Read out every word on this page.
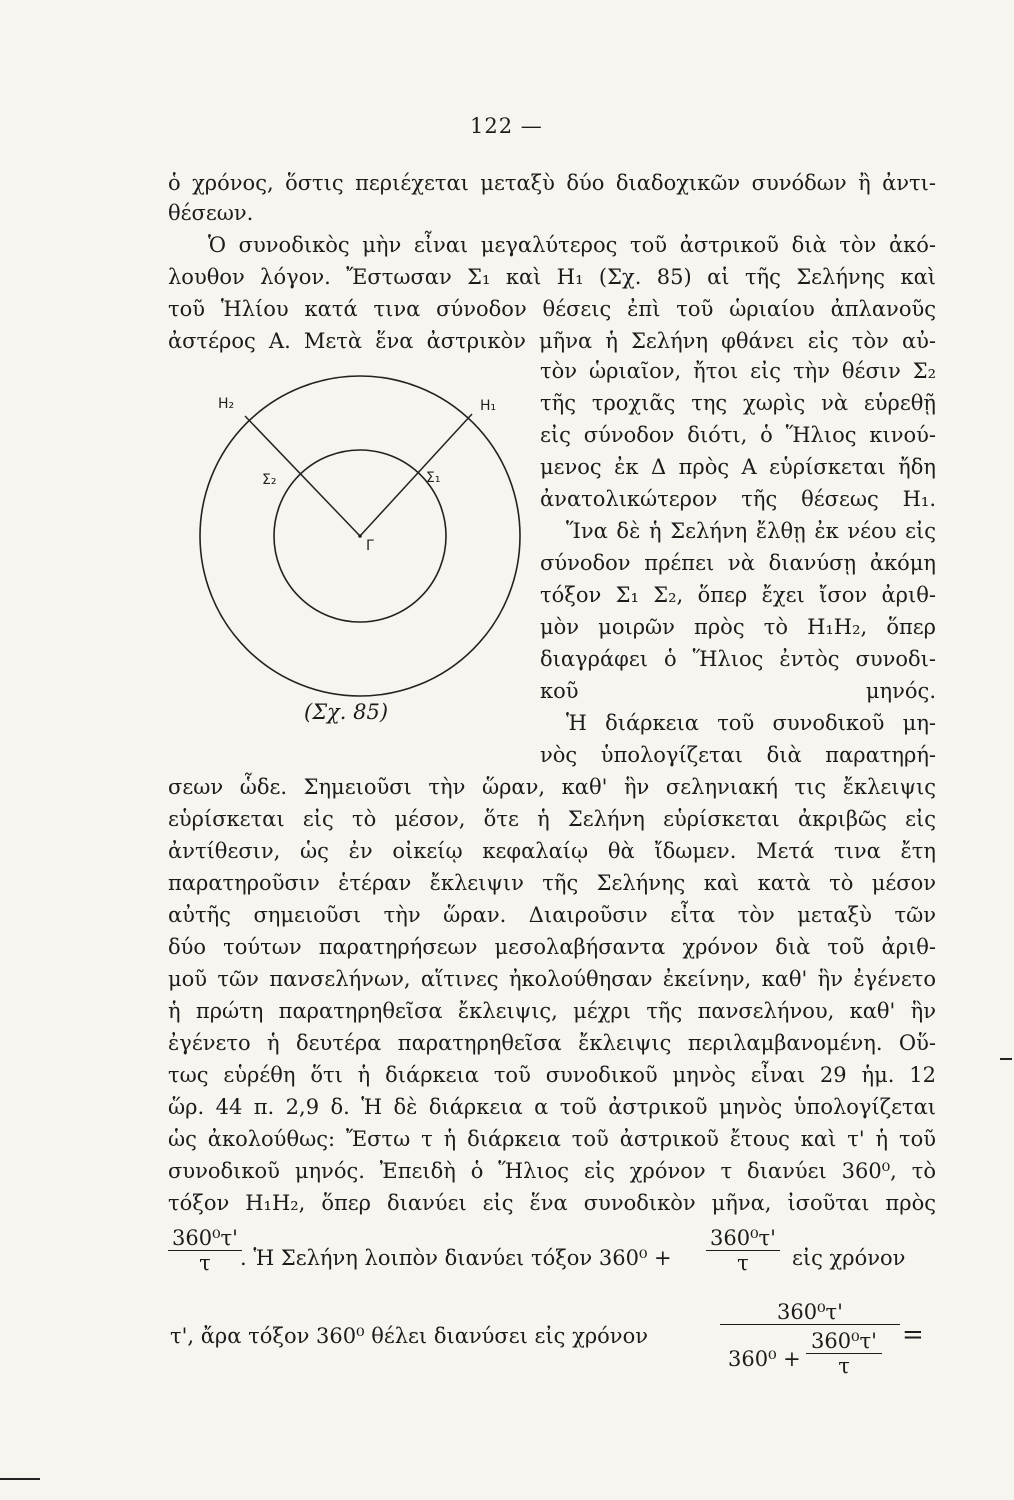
122 —
ὁ χρόνος, ὅστις περιέχεται μεταξὺ δύο διαδοχικῶν συνόδων ἢ ἀντι-
θέσεων.
Ὁ συνοδικὸς μὴν εἶναι μεγαλύτερος τοῦ ἀστρικοῦ διὰ τὸν ἀκό-
λουθον λόγον. Ἔστωσαν Σ₁ καὶ Η₁ (Σχ. 85) αἱ τῆς Σελήνης καὶ
τοῦ Ἡλίου κατά τινα σύνοδον θέσεις ἐπὶ τοῦ ὡριαίου ἀπλανοῦς
ἀστέρος Α. Μετὰ ἕνα ἀστρικὸν μῆνα ἡ Σελήνη φθάνει εἰς τὸν αὐ-
H₂	H₁
Σ₂	Σ₁
Γ
(Σχ. 85)
τὸν ὡριαῖον, ἤτοι εἰς τὴν θέσιν Σ₂
τῆς τροχιᾶς της χωρὶς νὰ εὑρεθῇ
εἰς σύνοδον διότι, ὁ Ἥλιος κινού-
μενος ἐκ Δ πρὸς Α εὑρίσκεται ἤδη
ἀνατολικώτερον τῆς θέσεως Η₁.
Ἵνα δὲ ἡ Σελήνη ἔλθῃ ἐκ νέου εἰς
σύνοδον πρέπει νὰ διανύσῃ ἀκόμη
τόξον Σ₁ Σ₂, ὅπερ ἔχει ἴσον ἀριθ-
μὸν μοιρῶν πρὸς τὸ Η₁Η₂, ὅπερ
διαγράφει ὁ Ἥλιος ἐντὸς συνοδι-
κοῦ μηνός.
Ἡ διάρκεια τοῦ συνοδικοῦ μη-
νὸς ὑπολογίζεται διὰ παρατηρή-
σεων ὧδε. Σημειοῦσι τὴν ὥραν, καθ' ἣν σεληνιακή τις ἔκλειψις
εὑρίσκεται εἰς τὸ μέσον, ὅτε ἡ Σελήνη εὑρίσκεται ἀκριβῶς εἰς
ἀντίθεσιν, ὡς ἐν οἰκείῳ κεφαλαίῳ θὰ ἴδωμεν. Μετά τινα ἔτη
παρατηροῦσιν ἑτέραν ἔκλειψιν τῆς Σελήνης καὶ κατὰ τὸ μέσον
αὐτῆς σημειοῦσι τὴν ὥραν. Διαιροῦσιν εἶτα τὸν μεταξὺ τῶν
δύο τούτων παρατηρήσεων μεσολαβήσαντα χρόνον διὰ τοῦ ἀριθ-
μοῦ τῶν πανσελήνων, αἵτινες ἠκολούθησαν ἐκείνην, καθ' ἣν ἐγένετο
ἡ πρώτη παρατηρηθεῖσα ἔκλειψις, μέχρι τῆς πανσελήνου, καθ' ἣν
ἐγένετο ἡ δευτέρα παρατηρηθεῖσα ἔκλειψις περιλαμβανομένη. Οὕ-
τως εὑρέθη ὅτι ἡ διάρκεια τοῦ συνοδικοῦ μηνὸς εἶναι 29 ἡμ. 12
ὥρ. 44 π. 2,9 δ. Ἡ δὲ διάρκεια α τοῦ ἀστρικοῦ μηνὸς ὑπολογίζεται
ὡς ἀκολούθως: Ἔστω τ ἡ διάρκεια τοῦ ἀστρικοῦ ἔτους καὶ τ' ἡ τοῦ
συνοδικοῦ μηνός. Ἐπειδὴ ὁ Ἥλιος εἰς χρόνον τ διανύει 360⁰, τὸ
τόξον Η₁Η₂, ὅπερ διανύει εἰς ἕνα συνοδικὸν μῆνα, ἰσοῦται πρὸς
$\frac{\text{360⁰τ'}}{\tau}$
. Ἡ Σελήνη λοιπὸν διανύει τόξον $360^0 + \frac{\text{360⁰τ'}}{\tau}$ εἰς χρόνον
τ', ἄρα τόξον 360⁰ θέλει διανύσει εἰς χρόνον	$\frac{\text{360⁰τ'}}{360^0 + \frac{\text{360⁰τ'}}{\tau}}$ =
